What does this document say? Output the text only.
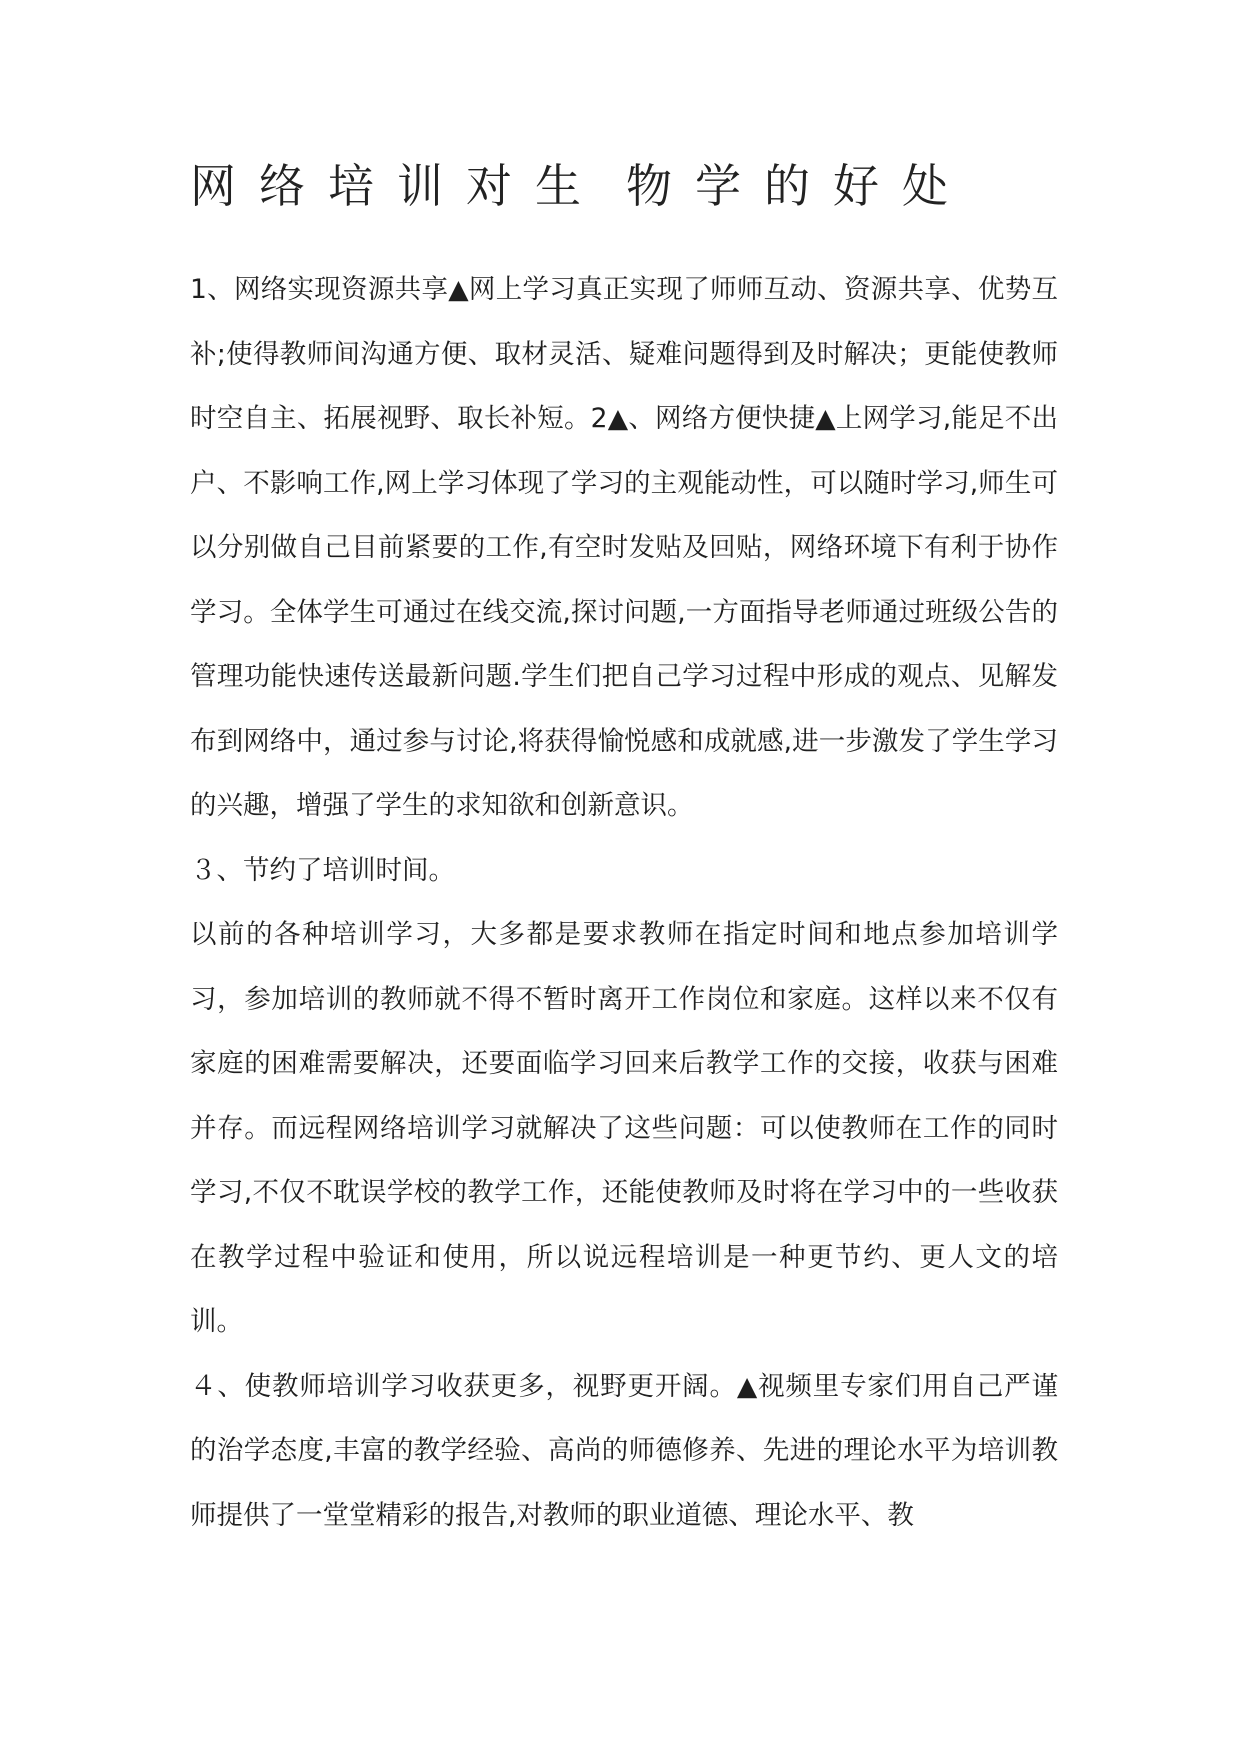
网络培训对生 物学的好处

1、网络实现资源共享▲网上学习真正实现了师师互动、资源共享、优势互补;使得教师间沟通方便、取材灵活、疑难问题得到及时解决；更能使教师时空自主、拓展视野、取长补短。2▲、网络方便快捷▲上网学习,能足不出户、不影响工作,网上学习体现了学习的主观能动性，可以随时学习,师生可以分别做自己目前紧要的工作,有空时发贴及回贴，网络环境下有利于协作学习。全体学生可通过在线交流,探讨问题,一方面指导老师通过班级公告的管理功能快速传送最新问题.学生们把自己学习过程中形成的观点、见解发布到网络中，通过参与讨论,将获得愉悦感和成就感,进一步激发了学生学习的兴趣，增强了学生的求知欲和创新意识。

３、节约了培训时间。

以前的各种培训学习，大多都是要求教师在指定时间和地点参加培训学习，参加培训的教师就不得不暂时离开工作岗位和家庭。这样以来不仅有家庭的困难需要解决，还要面临学习回来后教学工作的交接，收获与困难并存。而远程网络培训学习就解决了这些问题：可以使教师在工作的同时学习,不仅不耽误学校的教学工作，还能使教师及时将在学习中的一些收获在教学过程中验证和使用，所以说远程培训是一种更节约、更人文的培训。

４、使教师培训学习收获更多，视野更开阔。▲视频里专家们用自己严谨的治学态度,丰富的教学经验、高尚的师德修养、先进的理论水平为培训教师提供了一堂堂精彩的报告,对教师的职业道德、理论水平、教
